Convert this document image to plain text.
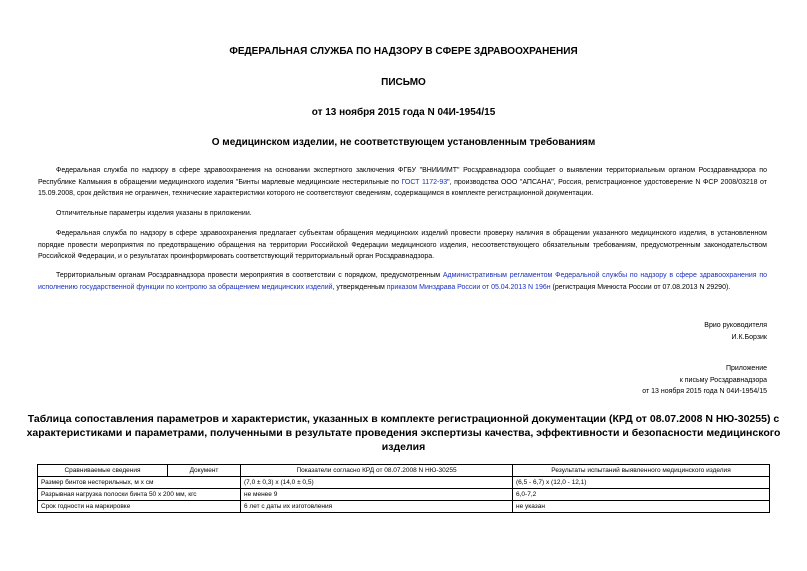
ФЕДЕРАЛЬНАЯ СЛУЖБА ПО НАДЗОРУ В СФЕРЕ ЗДРАВООХРАНЕНИЯ
ПИСЬМО
от 13 ноября 2015 года N 04И-1954/15
О медицинском изделии, не соответствующем установленным требованиям

Федеральная служба по надзору в сфере здравоохранения на основании экспертного заключения ФГБУ "ВНИИИМТ" Росздравнадзора сообщает о выявлении территориальным органом Росздравнадзора по Республике Калмыкия в обращении медицинского изделия "Бинты марлевые медицинские нестерильные по ГОСТ 1172-93", производства ООО "АПСАНА", Россия, регистрационное удостоверение N ФСР 2008/03218 от 15.09.2008, срок действия не ограничен, технические характеристики которого не соответствуют сведениям, содержащимся в комплекте регистрационной документации.

Отличительные параметры изделия указаны в приложении.

Федеральная служба по надзору в сфере здравоохранения предлагает субъектам обращения медицинских изделий провести проверку наличия в обращении указанного медицинского изделия, в установленном порядке провести мероприятия по предотвращению обращения на территории Российской Федерации медицинского изделия, несоответствующего обязательным требованиям, предусмотренным законодательством Российской Федерации, и о результатах проинформировать соответствующий территориальный орган Росздравнадзора.

Территориальным органам Росздравнадзора провести мероприятия в соответствии с порядком, предусмотренным Административным регламентом Федеральной службы по надзору в сфере здравоохранения по исполнению государственной функции по контролю за обращением медицинских изделий, утвержденным приказом Минздрава России от 05.04.2013 N 196н (регистрация Минюста России от 07.08.2013 N 29290).

Врио руководителя
И.К.Борзик
Приложение
к письму Росздравнадзора
от 13 ноября 2015 года N 04И-1954/15
Таблица сопоставления параметров и характеристик, указанных в комплекте регистрационной документации (КРД от 08.07.2008 N НЮ-30255) с характеристиками и параметрами, полученными в результате проведения экспертизы качества, эффективности и безопасности медицинского изделия
Сравниваемые сведения	Документ	Показатели согласно КРД от 08.07.2008 N НЮ-30255	Результаты испытаний выявленного медицинского изделия
Размер бинтов нестерильных, м х см		(7,0 ± 0,3) х (14,0 ± 0,5)	(6,5 - 6,7) х (12,0 - 12,1)
Разрывная нагрузка полоски бинта 50 х 200 мм, кгс		не менее 9	6,0-7,2
Срок годности на маркировке		6 лет с даты их изготовления	не указан
